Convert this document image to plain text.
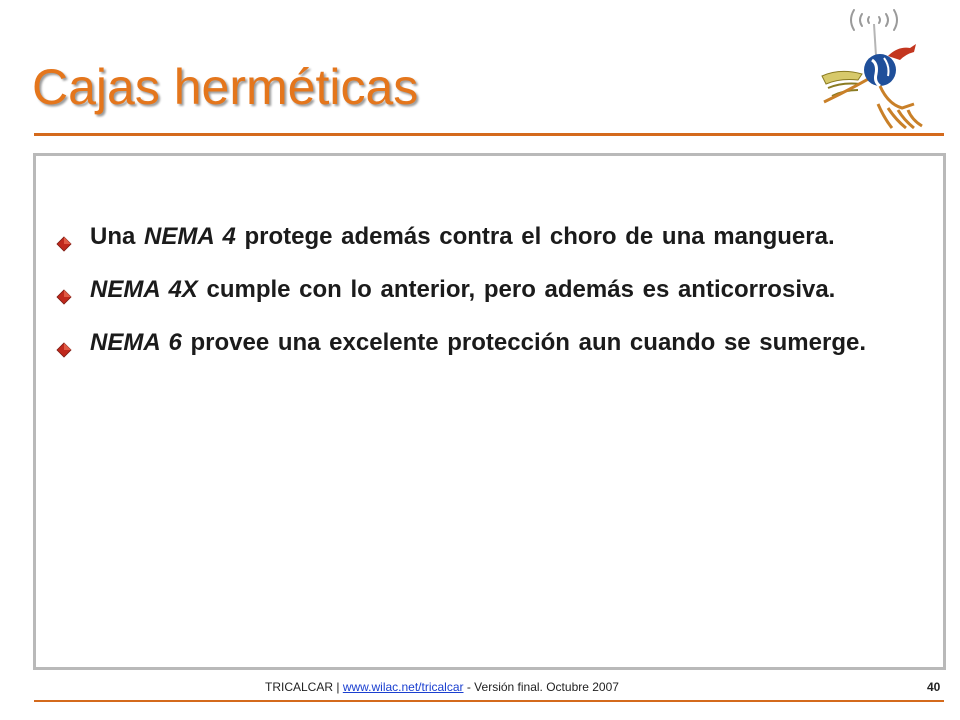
Cajas herméticas
Una NEMA 4 protege además contra el choro de una manguera.
NEMA 4X cumple con lo anterior, pero además es anticorrosiva.
NEMA 6 provee una excelente protección aun cuando se sumerge.
TRICALCAR | www.wilac.net/tricalcar - Versión final. Octubre 2007	40
